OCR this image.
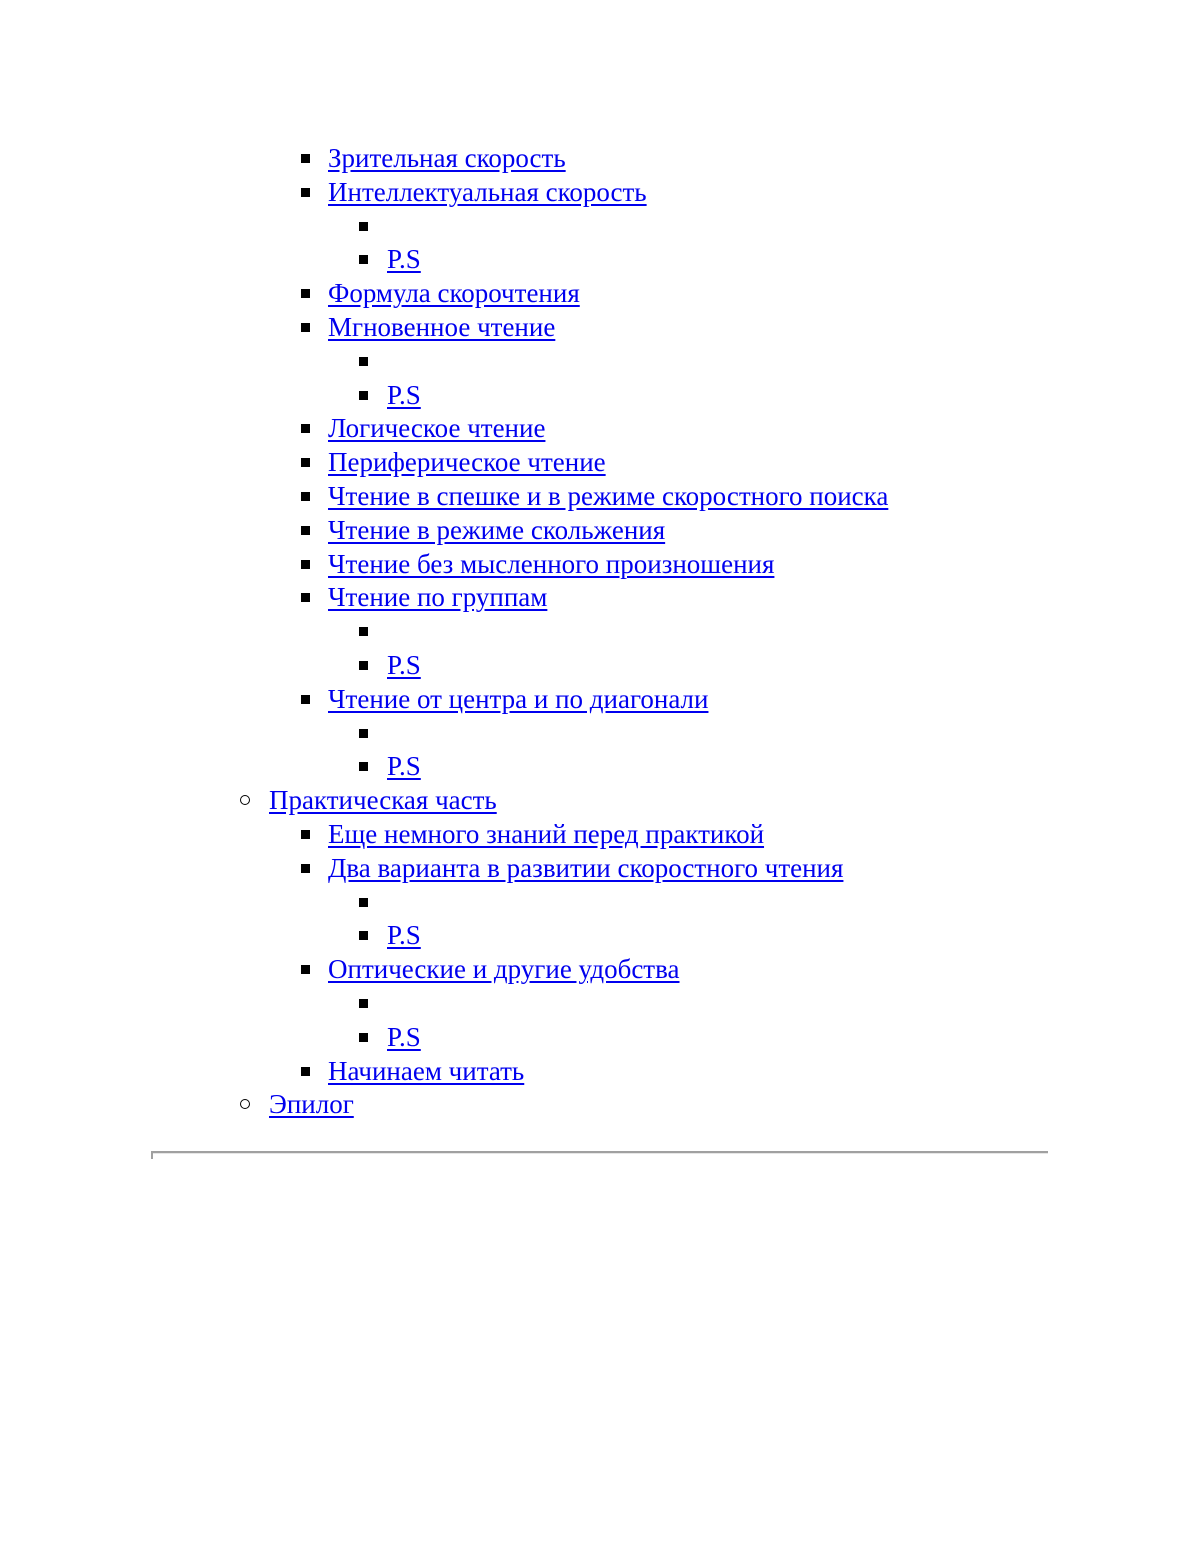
Зрительная скорость
Интеллектуальная скорость
P.S
Формула скорочтения
Мгновенное чтение
P.S
Логическое чтение
Периферическое чтение
Чтение в спешке и в режиме скоростного поиска
Чтение в режиме скольжения
Чтение без мысленного произношения
Чтение по группам
P.S
Чтение от центра и по диагонали
P.S
Практическая часть
Еще немного знаний перед практикой
Два варианта в развитии скоростного чтения
P.S
Оптические и другие удобства
P.S
Начинаем читать
Эпилог
